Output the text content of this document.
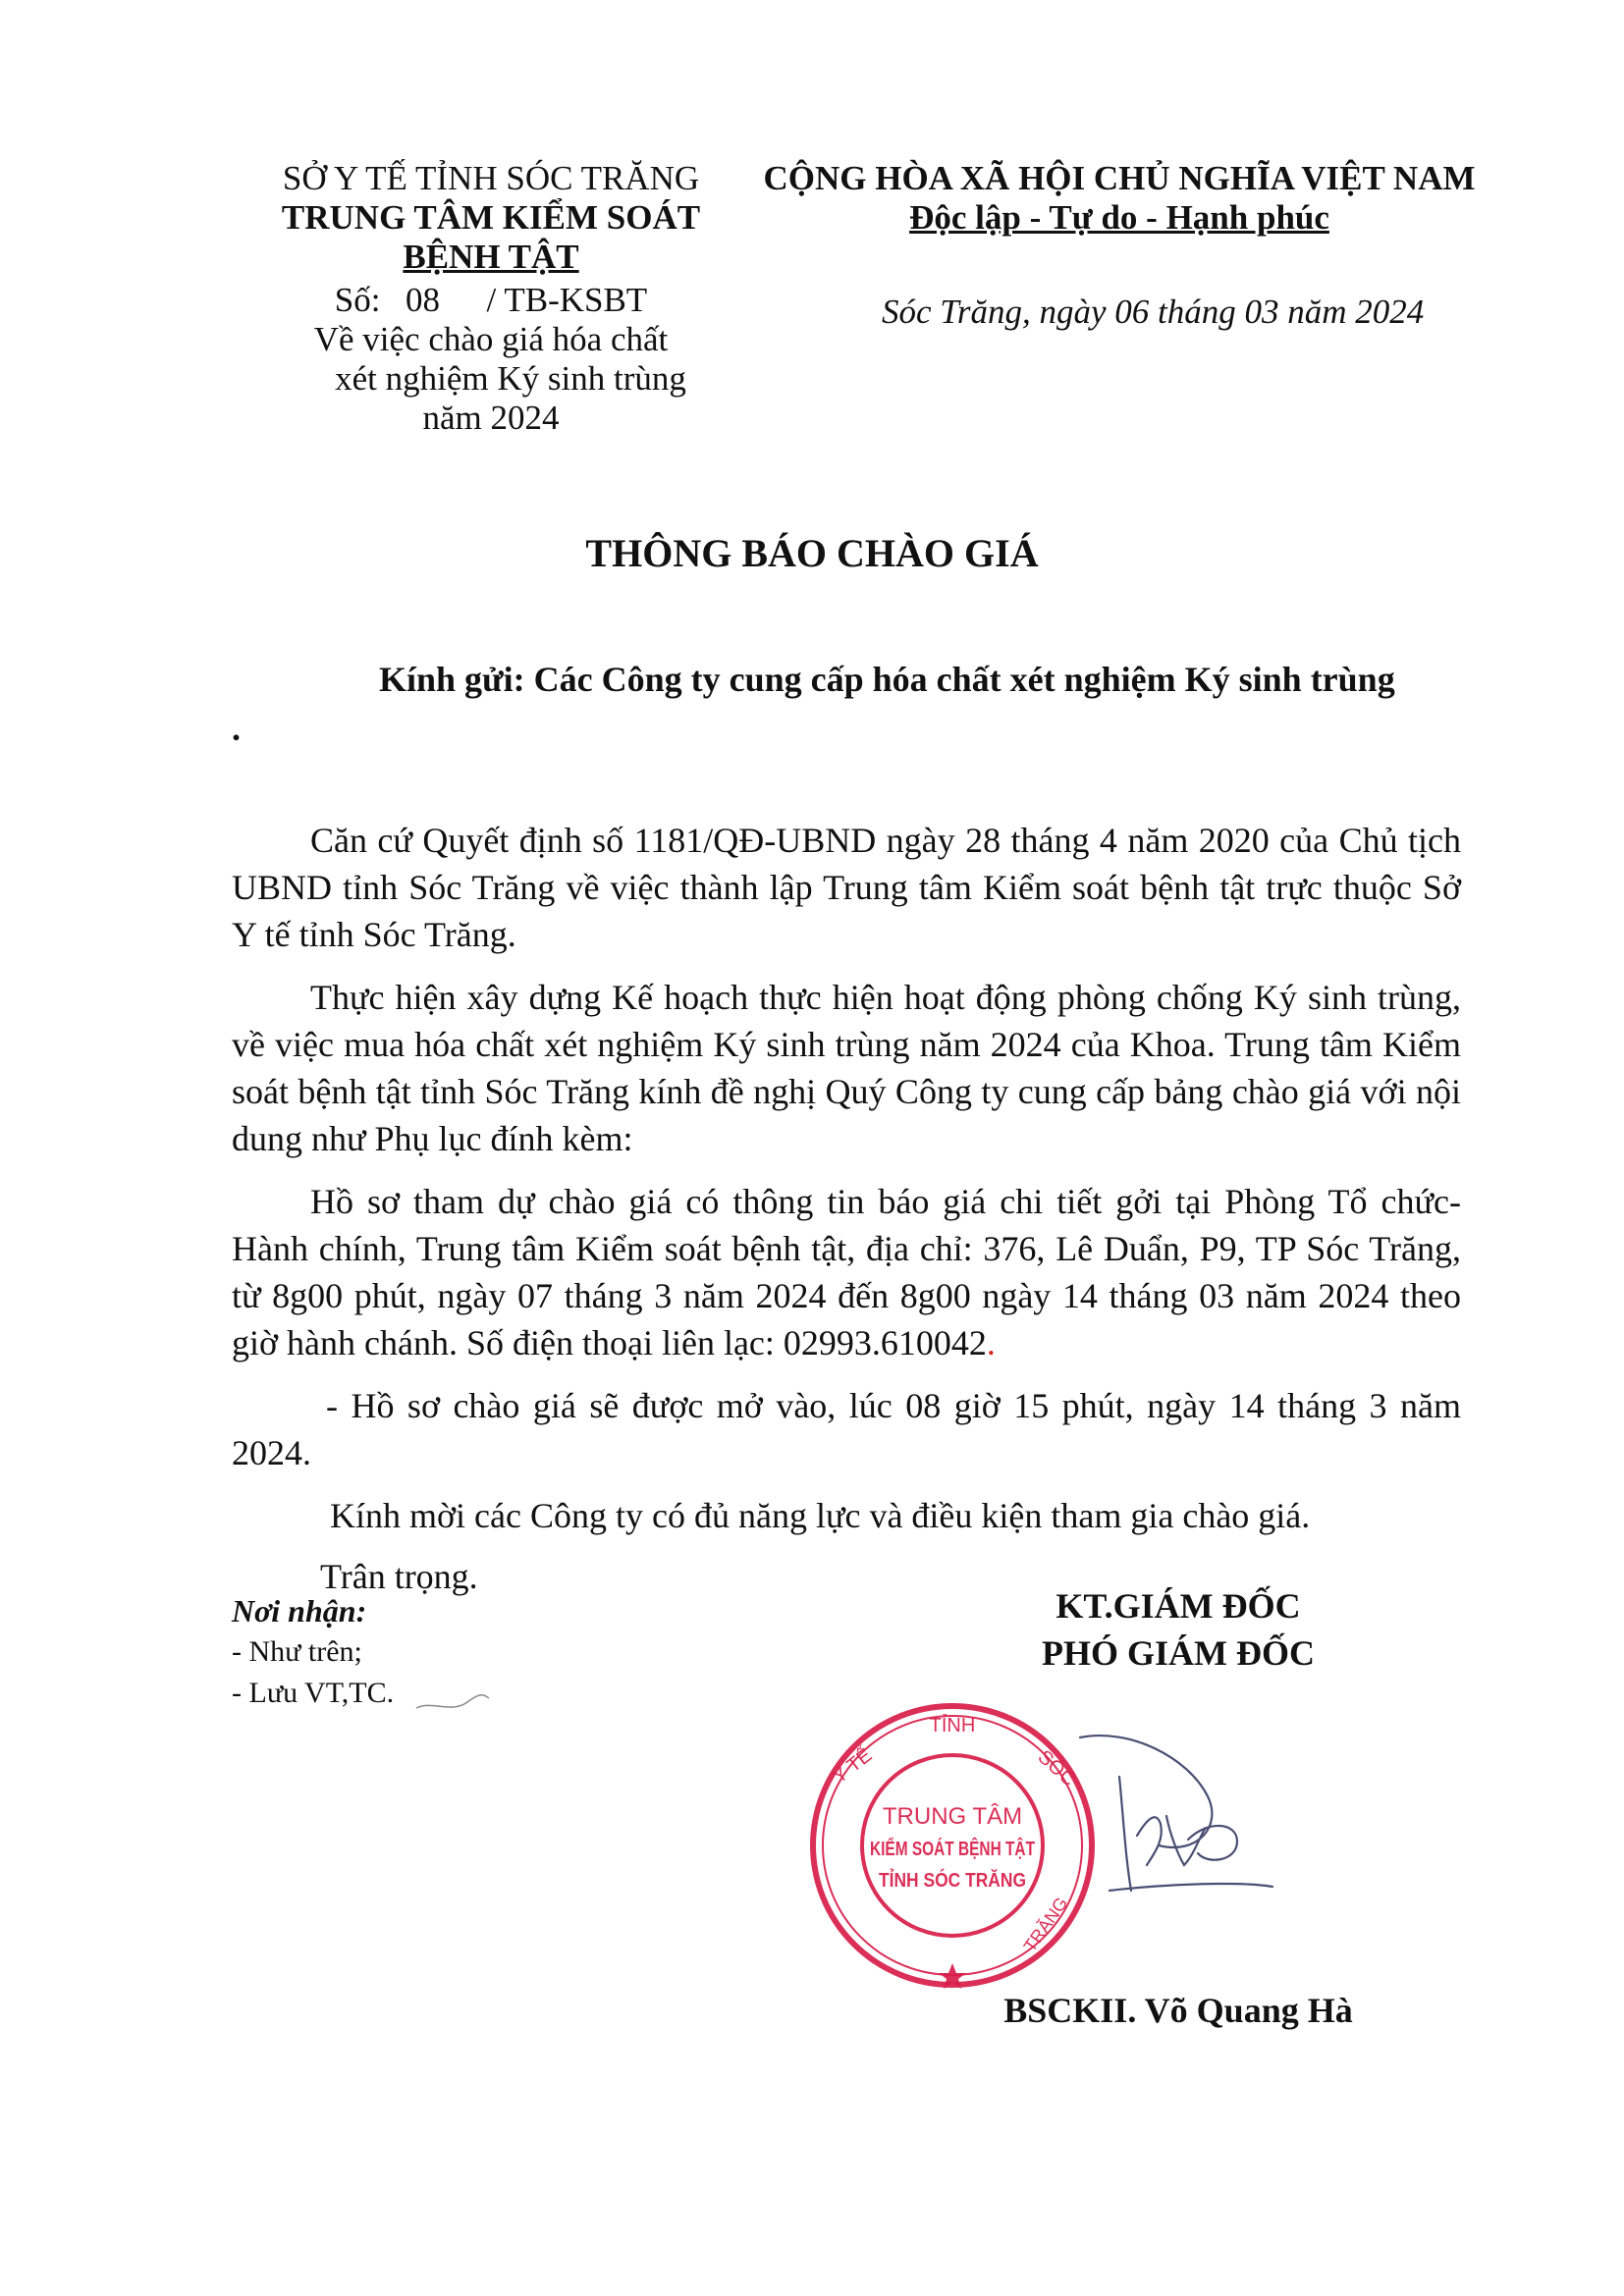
SỞ Y TẾ TỈNH SÓC TRĂNG
TRUNG TÂM KIỂM SOÁT
BỆNH TẬT
Số: 08 / TB-KSBT
Về việc chào giá hóa chất
xét nghiệm Ký sinh trùng
năm 2024
CỘNG HÒA XÃ HỘI CHỦ NGHĨA VIỆT NAM
Độc lập - Tự do - Hạnh phúc
Sóc Trăng, ngày 06 tháng 03 năm 2024
THÔNG BÁO CHÀO GIÁ
Kính gửi: Các Công ty cung cấp hóa chất xét nghiệm Ký sinh trùng
.

Căn cứ Quyết định số 1181/QĐ-UBND ngày 28 tháng 4 năm 2020 của Chủ tịch UBND tỉnh Sóc Trăng về việc thành lập Trung tâm Kiểm soát bệnh tật trực thuộc Sở Y tế tỉnh Sóc Trăng.

Thực hiện xây dựng Kế hoạch thực hiện hoạt động phòng chống Ký sinh trùng, về việc mua hóa chất xét nghiệm Ký sinh trùng năm 2024 của Khoa. Trung tâm Kiểm soát bệnh tật tỉnh Sóc Trăng kính đề nghị Quý Công ty cung cấp bảng chào giá với nội dung như Phụ lục đính kèm:

Hồ sơ tham dự chào giá có thông tin báo giá chi tiết gởi tại Phòng Tổ chức- Hành chính, Trung tâm Kiểm soát bệnh tật, địa chỉ: 376, Lê Duẩn, P9, TP Sóc Trăng, từ 8g00 phút, ngày 07 tháng 3 năm 2024 đến 8g00 ngày 14 tháng 03 năm 2024 theo giờ hành chánh. Số điện thoại liên lạc: 02993.610042.

- Hồ sơ chào giá sẽ được mở vào, lúc 08 giờ 15 phút, ngày 14 tháng 3 năm 2024.

Kính mời các Công ty có đủ năng lực và điều kiện tham gia chào giá.

Trân trọng.

Nơi nhận:
- Như trên;
- Lưu VT,TC.
KT.GIÁM ĐỐC
PHÓ GIÁM ĐỐC
TỈNH
Y TẾ	SÓC
TRĂNG
TRUNG TÂM
KIỂM SOÁT BỆNH TẬT
TỈNH SÓC TRĂNG
BSCKII. Võ Quang Hà
